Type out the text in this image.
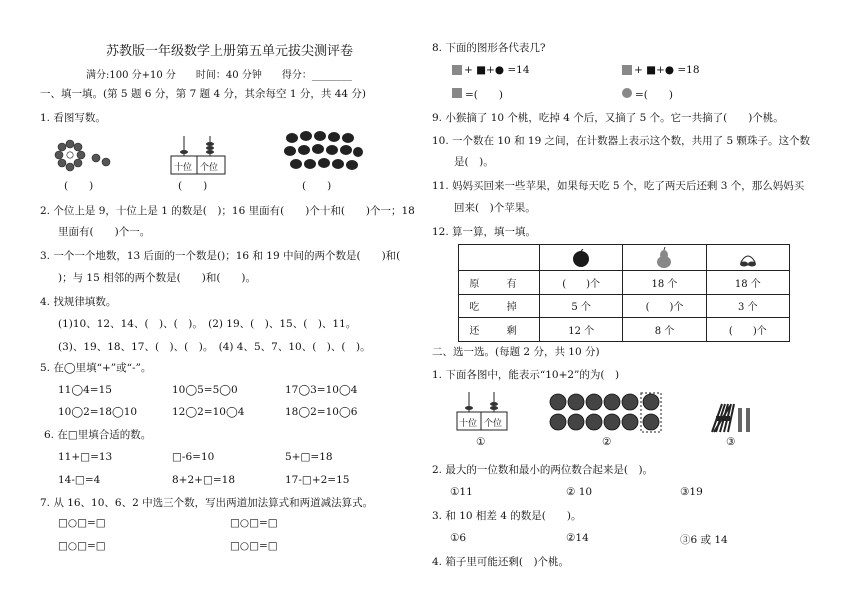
苏教版一年级数学上册第五单元拔尖测评卷
满分:100 分+10 分　　时间：40 分钟　　得分：________
一、填一填。(第 5 题 6 分，第 7 题 4 分，其余每空 1 分，共 44 分)
1. 看图写数。
(　　)
十位 个位
(　　)	(　　)
2. 个位上是 9，十位上是 1 的数是(　)；16 里面有(　　)个十和(　　)个一；18
里面有(　　)个一。
3. 一个一个地数，13 后面的一个数是()；16 和 19 中间的两个数是(　　)和(
)；与 15 相邻的两个数是(　　)和(　　)。
4. 找规律填数。
(1)10、12、14、(　)、(　)。　(2) 19、(　)、15、(　)、11。
(3)、19、18、17、(　)、(　)。　(4) 4、5、7、10、(　)、(　)。
5. 在◯里填“+”或“-”。
11◯4=15	10◯5=5◯0	17◯3=10◯4
10◯2=18◯10	12◯2=10◯4	18◯2=10◯6
6. 在□里填合适的数。
11+□=13	□-6=10	5+□=18
14-□=4	8+2+□=18	17-□+2=15
7. 从 16、10、6、2 中选三个数，写出两道加法算式和两道减法算式。
□○□=□	□○□=□
□○□=□	□○□=□
8. 下面的图形各代表几?
+ ■+● =14	+ ■+● =18
=(　　)	=(　　)
9. 小猴摘了 10 个桃，吃掉 4 个后，又摘了 5 个。它一共摘了(　　)个桃。
10. 一个数在 10 和 19 之间，在计数器上表示这个数，共用了 5 颗珠子。这个数
是(　)。
11. 妈妈买回来一些苹果，如果每天吃 5 个，吃了两天后还剩 3 个，那么妈妈买
回来(　)个苹果。
12. 算一算，填一填。

原 有	(　　)个	18 个	18 个
吃 掉	5 个	(　　)个	3 个
还 剩	12 个	8 个	(　　)个
二、选一选。(每题 2 分，共 10 分)
1. 下面各图中，能表示“10+2”的为(　)
十位 个位
①	②	③
2. 最大的一位数和最小的两位数合起来是(　)。
①11	② 10	③19
3. 和 10 相差 4 的数是(　　)。
①6	②14	③6 或 14
4. 箱子里可能还剩(　)个桃。
